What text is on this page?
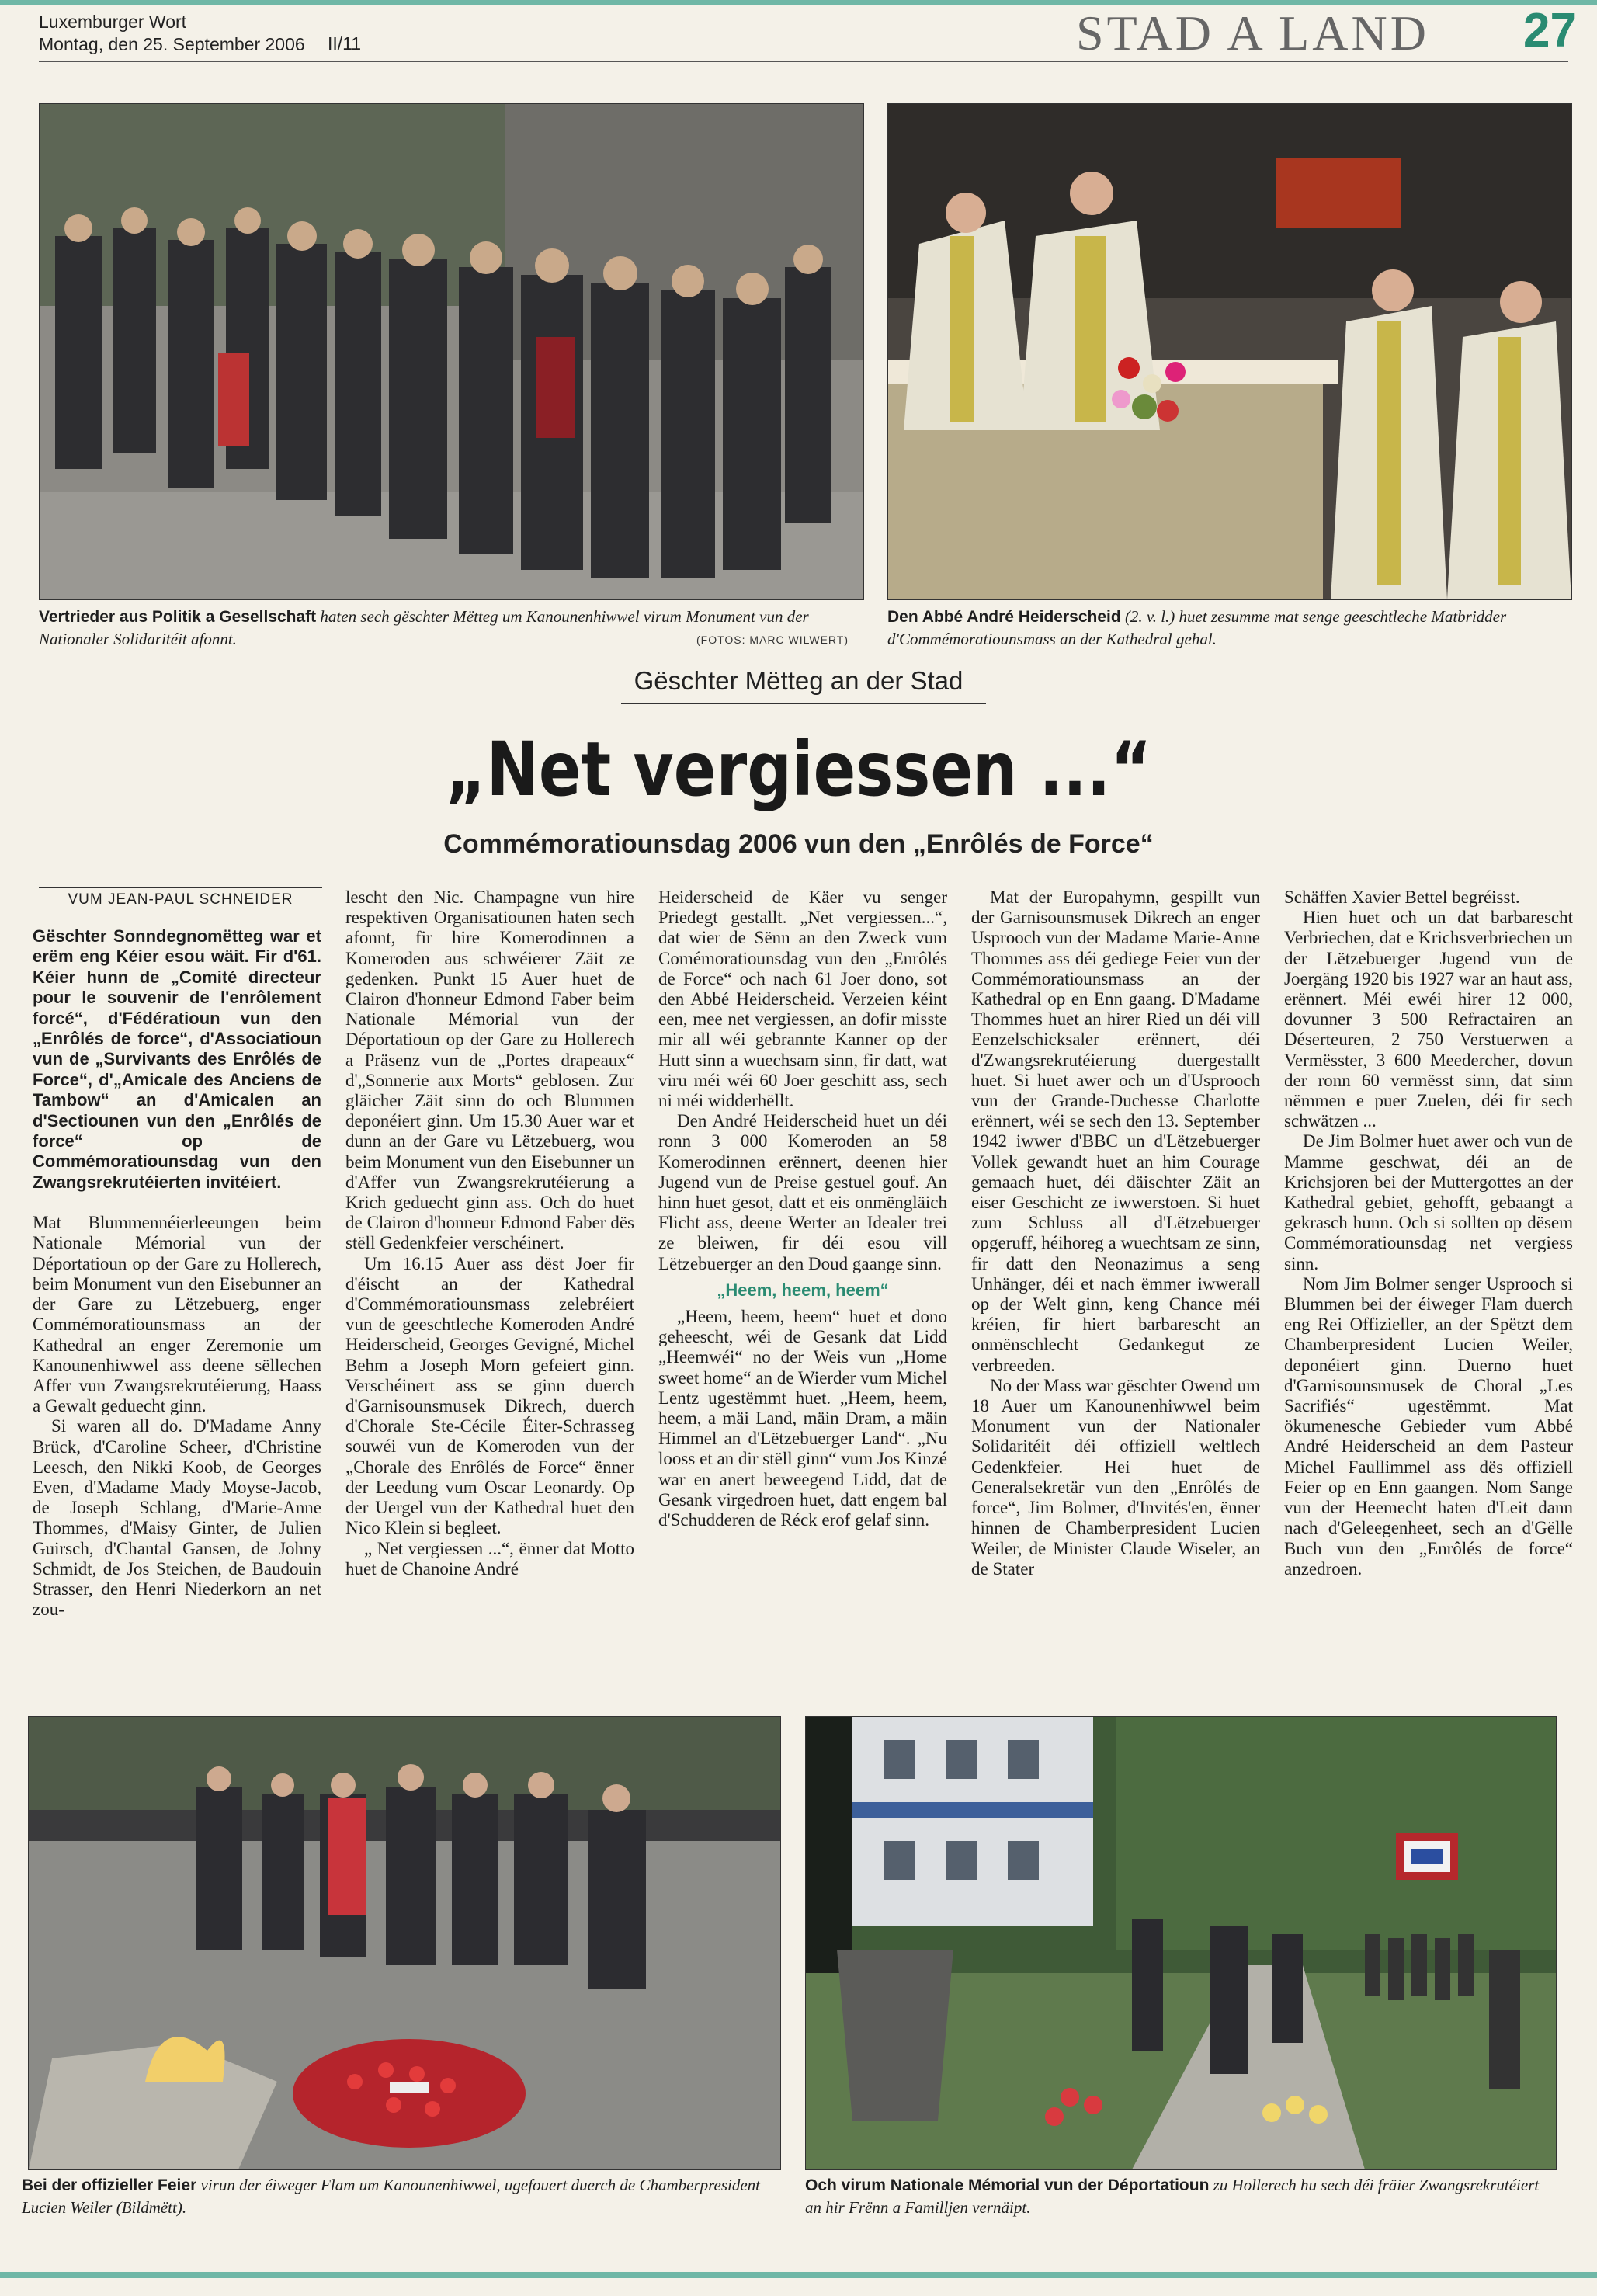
Luxemburger Wort
Montag, den 25. September 2006 II/11	STAD A LAND 27
Vertrieder aus Politik a Gesellschaft haten sech gëschter Mëtteg um Kanounenhiwwel virum Monument vun der Nationaler Solidaritéit afonnt.	(FOTOS: MARC WILWERT)
Den Abbé André Heiderscheid (2. v. l.) huet zesumme mat senge geeschtleche Matbridder d'Commémoratiounsmass an der Kathedral gehal.
Gëschter Mëtteg an der Stad
„Net vergiessen ...“
Commémoratiounsdag 2006 vun den „Enrôlés de Force“
VUM JEAN-PAUL SCHNEIDER

Gëschter Sonndegnomëtteg war et erëm eng Kéier esou wäit. Fir d'61. Kéier hunn de „Comité directeur pour le souvenir de l'enrôlement forcé“, d'Fédératioun vun den „Enrôlés de force“, d'Associatioun vun de „Survivants des Enrôlés de Force“, d'„Amicale des Anciens de Tambow“ an d'Amicalen an d'Sectiounen vun den „Enrôlés de force“ op de Commémoratiounsdag vun den Zwangsrekrutéierten invitéiert.

Mat Blummennéierleeungen beim Nationale Mémorial vun der Déportatioun op der Gare zu Hollerech, beim Monument vun den Eisebunner an der Gare zu Lëtzebuerg, enger Commémoratiounsmass an der Kathedral an enger Zeremonie um Kanounenhiwwel ass deene sëllechen Affer vun Zwangsrekrutéierung, Haass a Gewalt geduecht ginn.

Si waren all do. D'Madame Anny Brück, d'Caroline Scheer, d'Christine Leesch, den Nikki Koob, de Georges Even, d'Madame Mady Moyse-Jacob, de Joseph Schlang, d'Marie-Anne Thommes, d'Maisy Ginter, de Julien Guirsch, d'Chantal Gansen, de Johny Schmidt, de Jos Steichen, de Baudouin Strasser, den Henri Niederkorn an net zou-

lescht den Nic. Champagne vun hire respektiven Organisatiounen haten sech afonnt, fir hire Komerodinnen a Komeroden aus schwéierer Zäit ze gedenken. Punkt 15 Auer huet de Clairon d'honneur Edmond Faber beim Nationale Mémorial vun der Déportatioun op der Gare zu Hollerech a Präsenz vun de „Portes drapeaux“ d'„Sonnerie aux Morts“ geblosen. Zur gläicher Zäit sinn do och Blummen deponéiert ginn. Um 15.30 Auer war et dunn an der Gare vu Lëtzebuerg, wou beim Monument vun den Eisebunner un d'Affer vun Zwangsrekrutéierung a Krich geduecht ginn ass. Och do huet de Clairon d'honneur Edmond Faber dës stëll Gedenkfeier verschéinert.

Um 16.15 Auer ass dëst Joer fir d'éischt an der Kathedral d'Commémoratiounsmass zelebréiert vun de geeschtleche Komeroden André Heiderscheid, Georges Gevigné, Michel Behm a Joseph Morn gefeiert ginn. Verschéinert ass se ginn duerch d'Garnisounsmusek Dikrech, duerch d'Chorale Ste-Cécile Éiter-Schrasseg souwéi vun de Komeroden vun der „Chorale des Enrôlés de Force“ ënner der Leedung vum Oscar Leonardy. Op der Uergel vun der Kathedral huet den Nico Klein si begleet.

„ Net vergiessen ...“, ënner dat Motto huet de Chanoine André

Heiderscheid de Käer vu senger Priedegt gestallt. „Net vergiessen...“, dat wier de Sënn an den Zweck vum Comémoratiounsdag vun den „Enrôlés de Force“ och nach 61 Joer dono, sot den Abbé Heiderscheid. Verzeien kéint een, mee net vergiessen, an dofir misste mir all wéi gebrannte Kanner op der Hutt sinn a wuechsam sinn, fir datt, wat viru méi wéi 60 Joer geschitt ass, sech ni méi widderhëllt.

Den André Heiderscheid huet un déi ronn 3 000 Komeroden an 58 Komerodinnen erënnert, deenen hier Jugend vun de Preise gestuel gouf. An hinn huet gesot, datt et eis onmëngläich Flicht ass, deene Werter an Idealer trei ze bleiwen, fir déi esou vill Lëtzebuerger an den Doud gaange sinn.

„Heem, heem, heem“

„Heem, heem, heem“ huet et dono geheescht, wéi de Gesank dat Lidd „Heemwéi“ no der Weis vun „Home sweet home“ an de Wierder vum Michel Lentz ugestëmmt huet. „Heem, heem, heem, a mäi Land, mäin Dram, a mäin Himmel an d'Lëtzebuerger Land“. „Nu looss et an dir stëll ginn“ vum Jos Kinzé war en anert beweegend Lidd, dat de Gesank virgedroen huet, datt engem bal d'Schudderen de Réck erof gelaf sinn.

Mat der Europahymn, gespillt vun der Garnisounsmusek Dikrech an enger Usprooch vun der Madame Marie-Anne Thommes ass déi gediege Feier vun der Commémoratiounsmass an der Kathedral op en Enn gaang. D'Madame Thommes huet an hirer Ried un déi vill Eenzelschicksaler erënnert, déi d'Zwangsrekrutéierung duergestallt huet. Si huet awer och un d'Usprooch vun der Grande-Duchesse Charlotte erënnert, wéi se sech den 13. September 1942 iwwer d'BBC un d'Lëtzebuerger Vollek gewandt huet an him Courage gemaach huet, déi däischter Zäit an eiser Geschicht ze iwwerstoen. Si huet zum Schluss all d'Lëtzebuerger opgeruff, héihoreg a wuechtsam ze sinn, fir datt den Neonazimus a seng Unhänger, déi et nach ëmmer iwwerall op der Welt ginn, keng Chance méi kréien, fir hiert barbarescht an onmënschlecht Gedankegut ze verbreeden.

No der Mass war gëschter Owend um 18 Auer um Kanounenhiwwel beim Monument vun der Nationaler Solidaritéit déi offiziell weltlech Gedenkfeier. Hei huet de Generalsekretär vun den „Enrôlés de force“, Jim Bolmer, d'Invités'en, ënner hinnen de Chamberpresident Lucien Weiler, de Minister Claude Wiseler, an de Stater

Schäffen Xavier Bettel begréisst.

Hien huet och un dat barbarescht Verbriechen, dat e Krichsverbriechen un der Lëtzebuerger Jugend vun de Joergäng 1920 bis 1927 war an haut ass, erënnert. Méi ewéi hirer 12 000, dovunner 3 500 Refractairen an Déserteuren, 2 750 Verstuerwen a Vermësster, 3 600 Meedercher, dovun der ronn 60 vermësst sinn, dat sinn nëmmen e puer Zuelen, déi fir sech schwätzen ...

De Jim Bolmer huet awer och vun de Mamme geschwat, déi an de Krichsjoren bei der Muttergottes an der Kathedral gebiet, gehofft, gebaangt a gekrasch hunn. Och si sollten op dësem Commémoratiounsdag net vergiess sinn.

Nom Jim Bolmer senger Usprooch si Blummen bei der éiweger Flam duerch eng Rei Offizieller, an der Spëtzt dem Chamberpresident Lucien Weiler, deponéiert ginn. Duerno huet d'Garnisounsmusek de Choral „Les Sacrifiés“ ugestëmmt. Mat ökumenesche Gebieder vum Abbé André Heiderscheid an dem Pasteur Michel Faullimmel ass dës offiziell Feier op en Enn gaangen. Nom Sange vun der Heemecht haten d'Leit dann nach d'Geleegenheet, sech an d'Gëlle Buch vun den „Enrôlés de force“ anzedroen.

Bei der offizieller Feier virun der éiweger Flam um Kanounenhiwwel, ugefouert duerch de Chamberpresident Lucien Weiler (Bildmëtt).
Och virum Nationale Mémorial vun der Déportatioun zu Hollerech hu sech déi fräier Zwangsrekrutéiert an hir Frënn a Familljen vernäipt.
